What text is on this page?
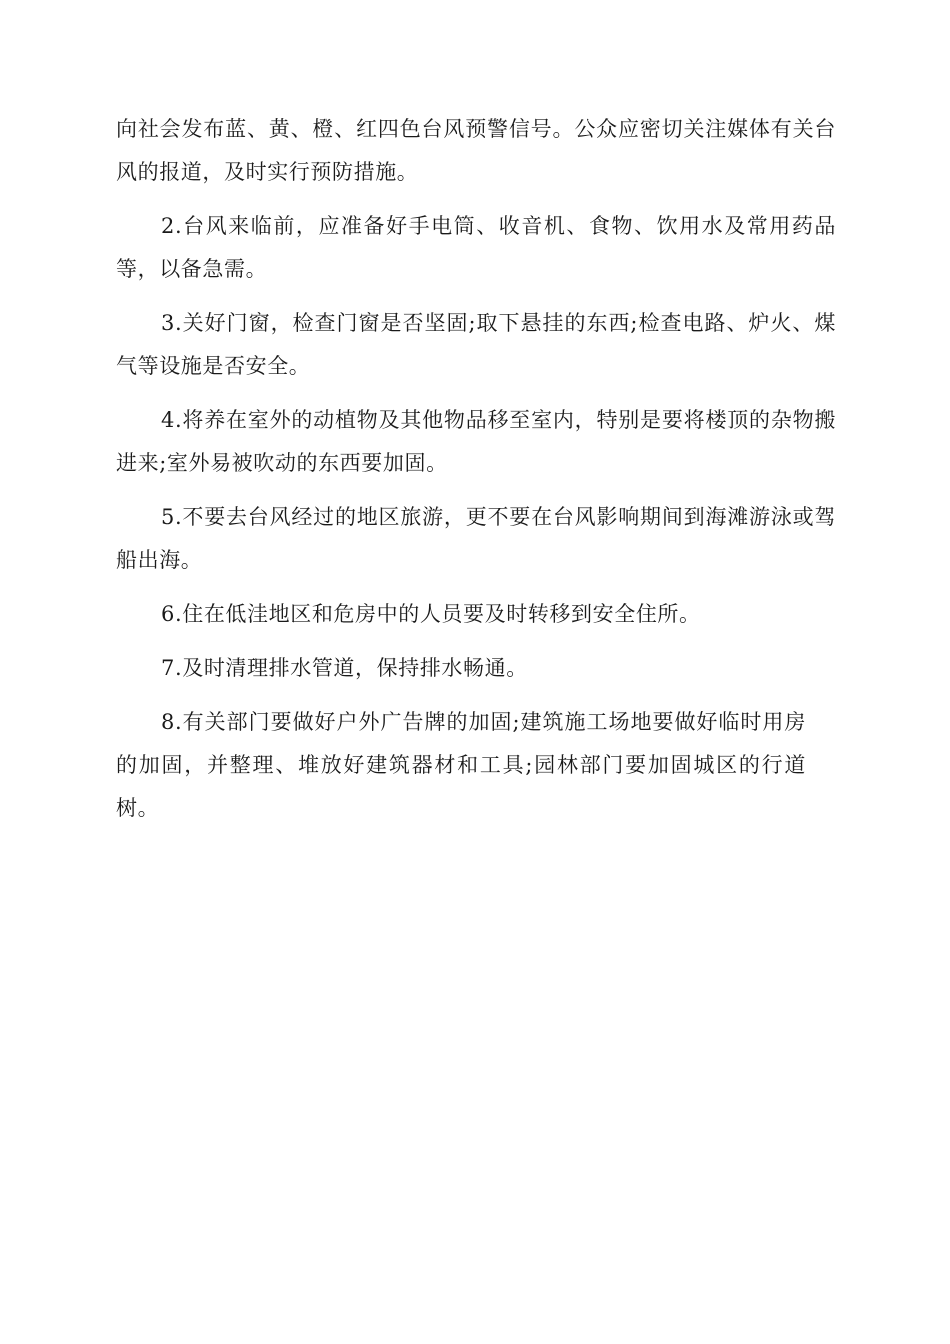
向社会发布蓝、黄、橙、红四色台风预警信号。公众应密切关注媒体有关台风的报道，及时实行预防措施。

2.台风来临前，应准备好手电筒、收音机、食物、饮用水及常用药品等，以备急需。

3.关好门窗，检查门窗是否坚固;取下悬挂的东西;检查电路、炉火、煤气等设施是否安全。

4.将养在室外的动植物及其他物品移至室内，特别是要将楼顶的杂物搬进来;室外易被吹动的东西要加固。

5.不要去台风经过的地区旅游，更不要在台风影响期间到海滩游泳或驾船出海。

6.住在低洼地区和危房中的人员要及时转移到安全住所。

7.及时清理排水管道，保持排水畅通。

8.有关部门要做好户外广告牌的加固;建筑施工场地要做好临时用房的加固，并整理、堆放好建筑器材和工具;园林部门要加固城区的行道树。
